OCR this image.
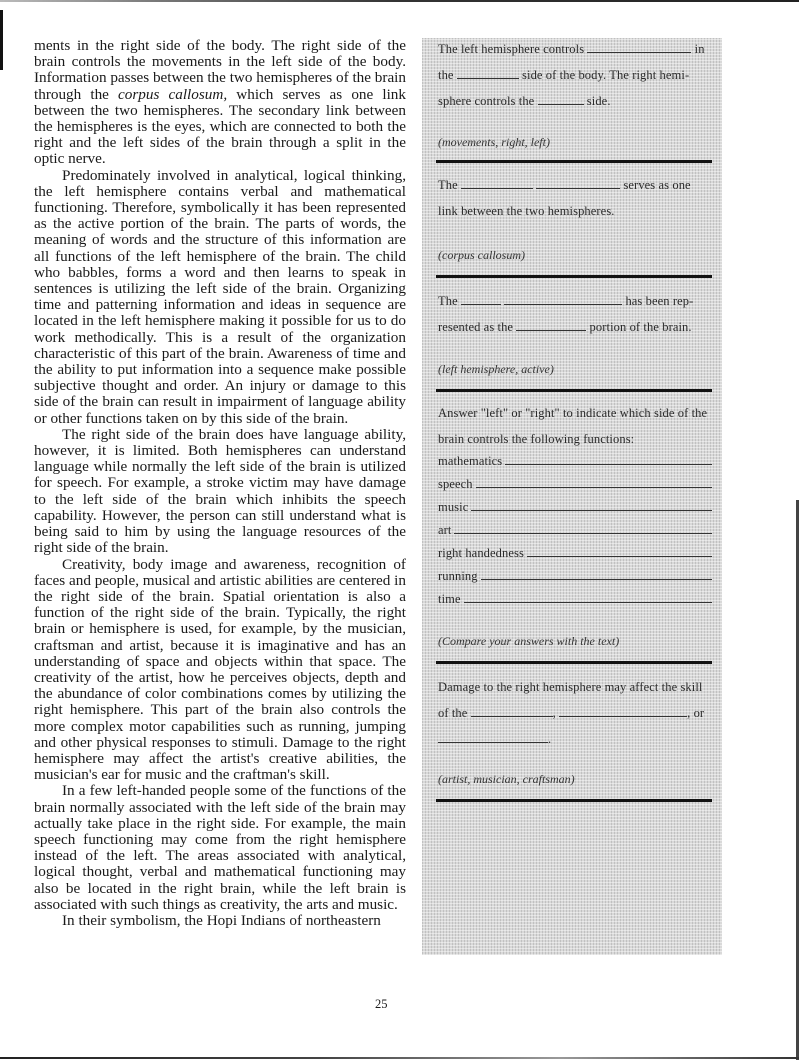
ments in the right side of the body. The right side of the brain controls the movements in the left side of the body. Information passes between the two hemispheres of the brain through the corpus callosum, which serves as one link between the two hemispheres. The secondary link between the hemispheres is the eyes, which are connected to both the right and the left sides of the brain through a split in the optic nerve.

Predominately involved in analytical, logical thinking, the left hemisphere contains verbal and mathematical functioning. Therefore, symbolically it has been represented as the active portion of the brain. The parts of words, the meaning of words and the structure of this information are all functions of the left hemisphere of the brain. The child who babbles, forms a word and then learns to speak in sentences is utilizing the left side of the brain. Organizing time and patterning information and ideas in sequence are located in the left hemisphere making it possible for us to do work methodically. This is a result of the organization characteristic of this part of the brain. Awareness of time and the ability to put information into a sequence make possible subjective thought and order. An injury or damage to this side of the brain can result in impairment of language ability or other functions taken on by this side of the brain.

The right side of the brain does have language ability, however, it is limited. Both hemispheres can understand language while normally the left side of the brain is utilized for speech. For example, a stroke victim may have damage to the left side of the brain which inhibits the speech capability. However, the person can still understand what is being said to him by using the language resources of the right side of the brain.

Creativity, body image and awareness, recognition of faces and people, musical and artistic abilities are centered in the right side of the brain. Spatial orientation is also a function of the right side of the brain. Typically, the right brain or hemisphere is used, for example, by the musician, craftsman and artist, because it is imaginative and has an understanding of space and objects within that space. The creativity of the artist, how he perceives objects, depth and the abundance of color combinations comes by utilizing the right hemisphere. This part of the brain also controls the more complex motor capabilities such as running, jumping and other physical responses to stimuli. Damage to the right hemisphere may affect the artist's creative abilities, the musician's ear for music and the craftman's skill.

In a few left-handed people some of the functions of the brain normally associated with the left side of the brain may actually take place in the right side. For example, the main speech functioning may come from the right hemisphere instead of the left. The areas associated with analytical, logical thought, verbal and mathematical functioning may also be located in the right brain, while the left brain is associated with such things as creativity, the arts and music.

In their symbolism, the Hopi Indians of northeastern

The left hemisphere controls	in the	side of the body. The right hemi-sphere controls the	side.
(movements, right, left)
The	serves as one link between the two hemispheres.
(corpus callosum)
The	has been rep-resented as the	portion of the brain.
(left hemisphere, active)
Answer "left" or "right" to indicate which side of the brain controls the following functions:
mathematics
speech
music
art
right handedness
running
time
(Compare your answers with the text)
Damage to the right hemisphere may affect the skill of the	,	, or .
(artist, musician, craftsman)
25
